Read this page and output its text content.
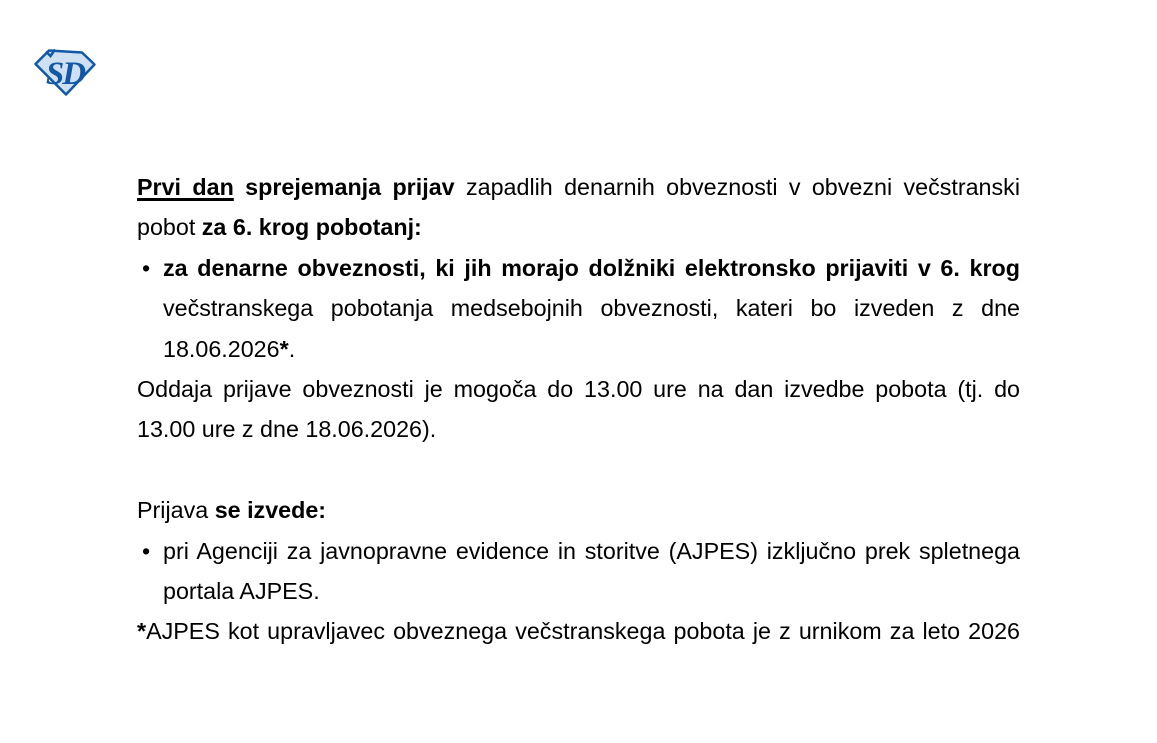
SD

Prvi dan sprejemanja prijav zapadlih denarnih obveznosti v obvezni večstranski pobot za 6. krog pobotanj:

• za denarne obveznosti, ki jih morajo dolžniki elektronsko prijaviti v 6. krog večstranskega pobotanja medsebojnih obveznosti, kateri bo izveden z dne 18.06.2026*.

Oddaja prijave obveznosti je mogoča do 13.00 ure na dan izvedbe pobota (tj. do 13.00 ure z dne 18.06.2026).

Prijava se izvede:

• pri Agenciji za javnopravne evidence in storitve (AJPES) izključno prek spletnega portala AJPES.

*AJPES kot upravljavec obveznega večstranskega pobota je z urnikom za leto 2026
